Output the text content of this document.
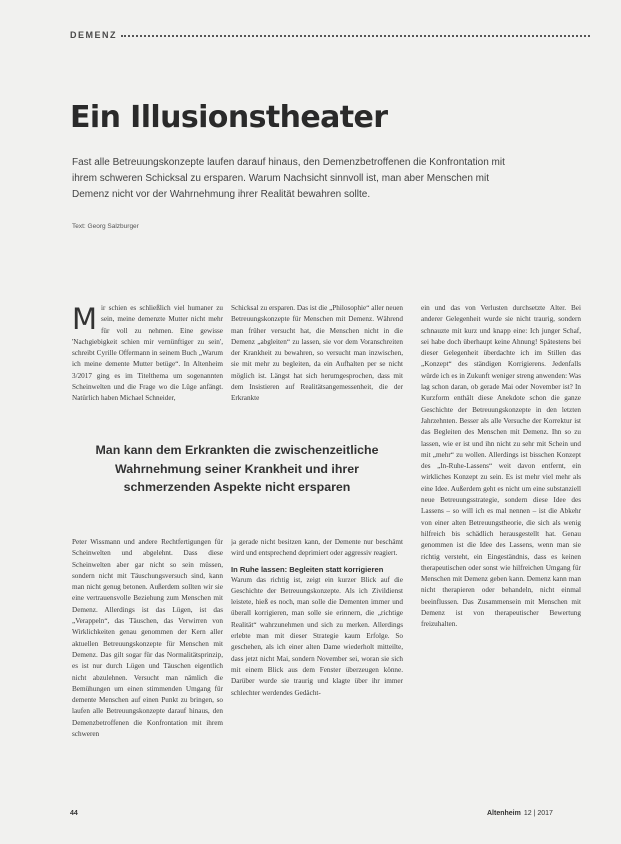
DEMENZ
Ein Illusionstheater

Fast alle Betreuungskonzepte laufen darauf hinaus, den Demenzbetroffenen die Konfrontation mit ihrem schweren Schicksal zu ersparen. Warum Nachsicht sinnvoll ist, man aber Menschen mit Demenz nicht vor der Wahrnehmung ihrer Realität bewahren sollte.

Text: Georg Salzburger
M ir schien es schließlich viel humaner zu sein, meine demenzte Mutter nicht mehr für voll zu nehmen. Eine gewisse 'Nachgiebigkeit schien mir vernünftiger zu sein', schreibt Cyrille Offermann in seinem Buch „Warum ich meine demente Mutter betüge“. In Altenheim 3/2017 ging es im Titelthema um sogenannten Scheinwelten und die Frage wo die Lüge anfängt. Natürlich haben Michael Schneider,

Schicksal zu ersparen. Das ist die „Philosophie“ aller neuen Betreuungskonzepte für Menschen mit Demenz. Während man früher versucht hat, die Menschen nicht in die Demenz „abgleiten“ zu lassen, sie vor dem Voranschreiten der Krankheit zu bewahren, so versucht man inzwischen, sie mit mehr zu begleiten, da ein Aufhalten per se nicht möglich ist. Längst hat sich herumgesprochen, dass mit dem Insistieren auf Realitätsangemessenheit, die der Erkrankte

ein und das von Verlusten durchsetzte Alter. Bei anderer Gelegenheit wurde sie nicht traurig, sondern schnauzte mit kurz und knapp eine: Ich junger Schaf, sei habe doch überhaupt keine Ahnung! Spätestens bei dieser Gelegenheit überdachte ich im Stillen das „Konzept“ des ständigen Korrigierens. Jedenfalls würde ich es in Zukunft weniger streng anwenden: Was lag schon daran, ob gerade Mai oder November ist? In Kurzform enthält diese Anekdote schon die ganze Geschichte der Betreuungskonzepte in den letzten Jahrzehnten. Besser als alle Versuche der Korrektur ist das Begleiten des Menschen mit Demenz. Ihn so zu lassen, wie er ist und ihn nicht zu sehr mit Schein und mit „mehr“ zu wollen. Allerdings ist bisschen Konzept des „In-Ruhe-Lassens“ weit davon entfernt, ein wirkliches Konzept zu sein. Es ist mehr viel mehr als eine Idee. Außerdem geht es nicht um eine substanziell neue Betreuungsstrategie, sondern diese Idee des Lassens – so will ich es mal nennen – ist die Abkehr von einer alten Betreuungstheorie, die sich als wenig hilfreich bis schädlich herausgestellt hat. Genau genommen ist die Idee des Lassens, wenn man sie richtig versteht, ein Eingeständnis, dass es keinen therapeutischen oder sonst wie hilfreichen Umgang für Menschen mit Demenz geben kann. Demenz kann man nicht therapieren oder behandeln, nicht einmal beeinflussen. Das Zusammensein mit Menschen mit Demenz ist von therapeutischer Bewertung freizuhalten.

Man kann dem Erkrankten die zwischenzeitliche Wahrnehmung seiner Krankheit und ihrer schmerzenden Aspekte nicht ersparen

Peter Wissmann und andere Rechtfertigungen für Scheinwelten und abgelehnt. Dass diese Scheinwelten aber gar nicht so sein müssen, sondern nicht mit Täuschungsversuch sind, kann man nicht genug betonen. Außerdem sollten wir sie eine vertrauensvolle Beziehung zum Menschen mit Demenz. Allerdings ist das Lügen, ist das „Verappeln“, das Täuschen, das Verwirren von Wirklichkeiten genau genommen der Kern aller aktuellen Betreuungskonzepte für Menschen mit Demenz. Das gilt sogar für das Normalitätsprinzip, es ist nur durch Lügen und Täuschen eigentlich nicht abzulehnen. Versucht man nämlich die Bemühungen um einen stimmenden Umgang für demente Menschen auf einen Punkt zu bringen, so laufen alle Betreuungskonzepte darauf hinaus, den Demenzbetroffenen die Konfrontation mit ihrem schweren

ja gerade nicht besitzen kann, der Demente nur beschämt wird und entsprechend deprimiert oder aggressiv reagiert.

In Ruhe lassen: Begleiten statt korrigieren

Warum das richtig ist, zeigt ein kurzer Blick auf die Geschichte der Betreuungskonzepte. Als ich Zivildienst leistete, hieß es noch, man solle die Dementen immer und überall korrigieren, man solle sie erinnern, die „richtige Realität“ wahrzunehmen und sich zu merken. Allerdings erlebte man mit dieser Strategie kaum Erfolge. So geschehen, als ich einer alten Dame wiederholt mitteilte, dass jetzt nicht Mai, sondern November sei, woran sie sich mit einem Blick aus dem Fenster überzeugen könne. Darüber wurde sie traurig und klagte über ihr immer schlechter werdendes Gedächt-
44	Altenheim 12 | 2017
